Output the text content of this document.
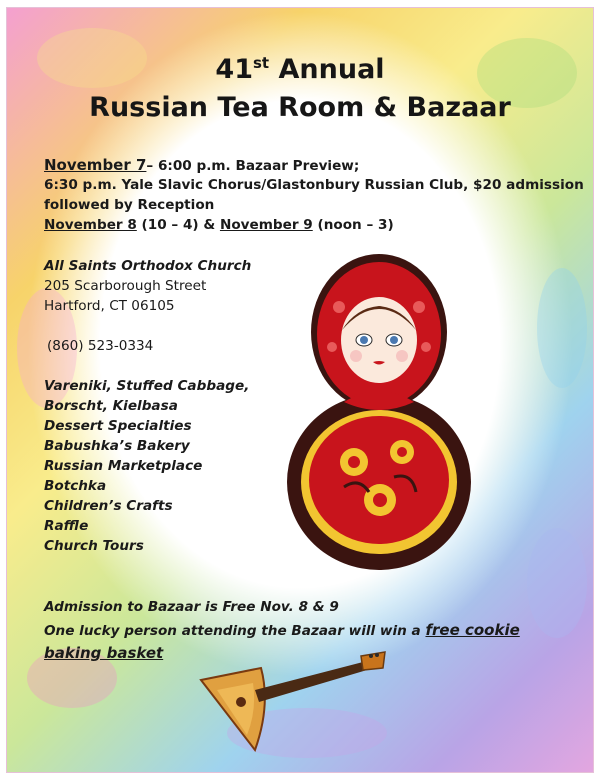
41st Annual
Russian Tea Room & Bazaar
November 7– 6:00 p.m. Bazaar Preview;
6:30 p.m. Yale Slavic Chorus/Glastonbury Russian Club, $20 admission
followed by Reception
November 8 (10 – 4) & November 9 (noon – 3)
All Saints Orthodox Church
205 Scarborough Street
Hartford, CT 06105
(860) 523-0334
Vareniki, Stuffed Cabbage,
Borscht, Kielbasa
Dessert Specialties
Babushka’s Bakery
Russian Marketplace
Botchka
Children’s Crafts
Raffle
Church Tours
Admission to Bazaar is Free Nov. 8 & 9
One lucky person attending the Bazaar will win a free cookie baking basket
